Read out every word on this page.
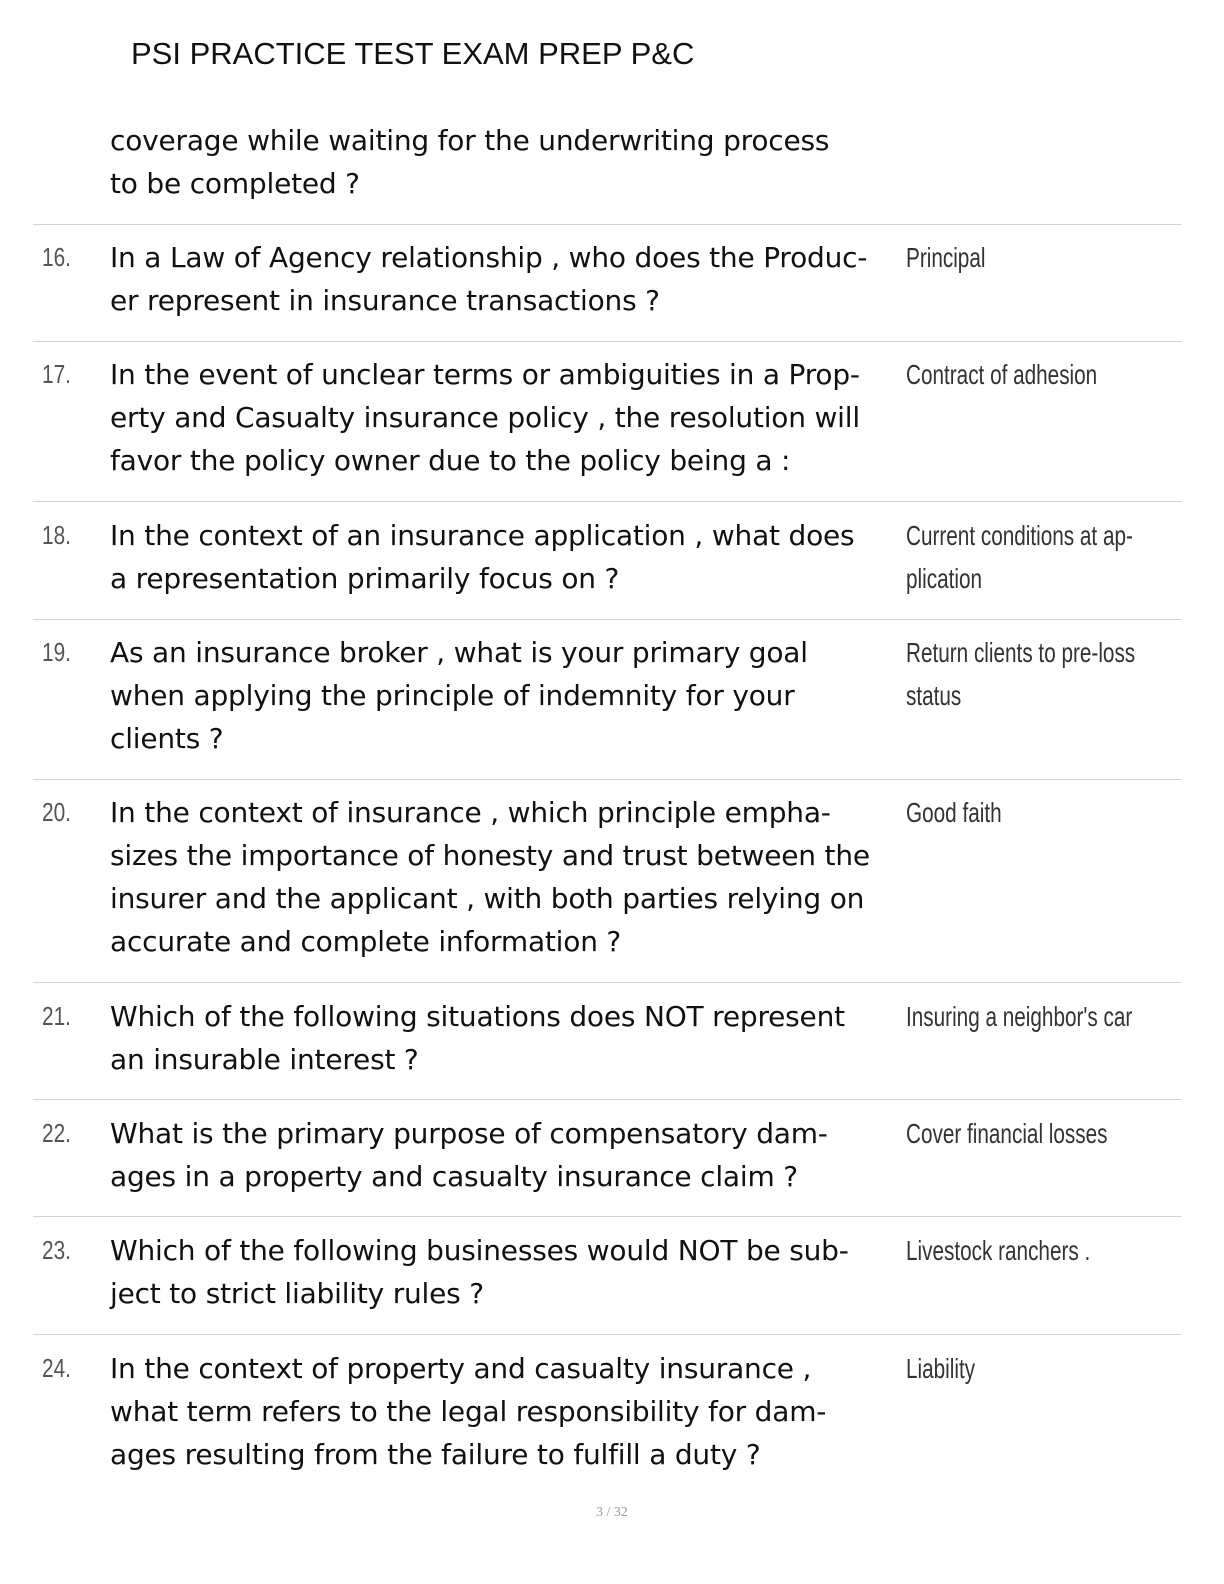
PSI PRACTICE TEST EXAM PREP P&C
coverage while waiting for the underwriting process
to be completed ?
16. In a Law of Agency relationship , who does the Produc-
er represent in insurance transactions ?
Principal
17. In the event of unclear terms or ambiguities in a Prop-
erty and Casualty insurance policy , the resolution will
favor the policy owner due to the policy being a :
Contract of adhesion
18. In the context of an insurance application , what does
a representation primarily focus on ?
Current conditions at ap-
plication
19. As an insurance broker , what is your primary goal
when applying the principle of indemnity for your
clients ?
Return clients to pre-loss
status
20. In the context of insurance , which principle empha-
sizes the importance of honesty and trust between the
insurer and the applicant , with both parties relying on
accurate and complete information ?
Good faith
21. Which of the following situations does NOT represent
an insurable interest ?
Insuring a neighbor's car
22. What is the primary purpose of compensatory dam-
ages in a property and casualty insurance claim ?
Cover financial losses
23. Which of the following businesses would NOT be sub-
ject to strict liability rules ?
Livestock ranchers .
24. In the context of property and casualty insurance ,
what term refers to the legal responsibility for dam-
ages resulting from the failure to fulfill a duty ?
Liability
3 / 32
